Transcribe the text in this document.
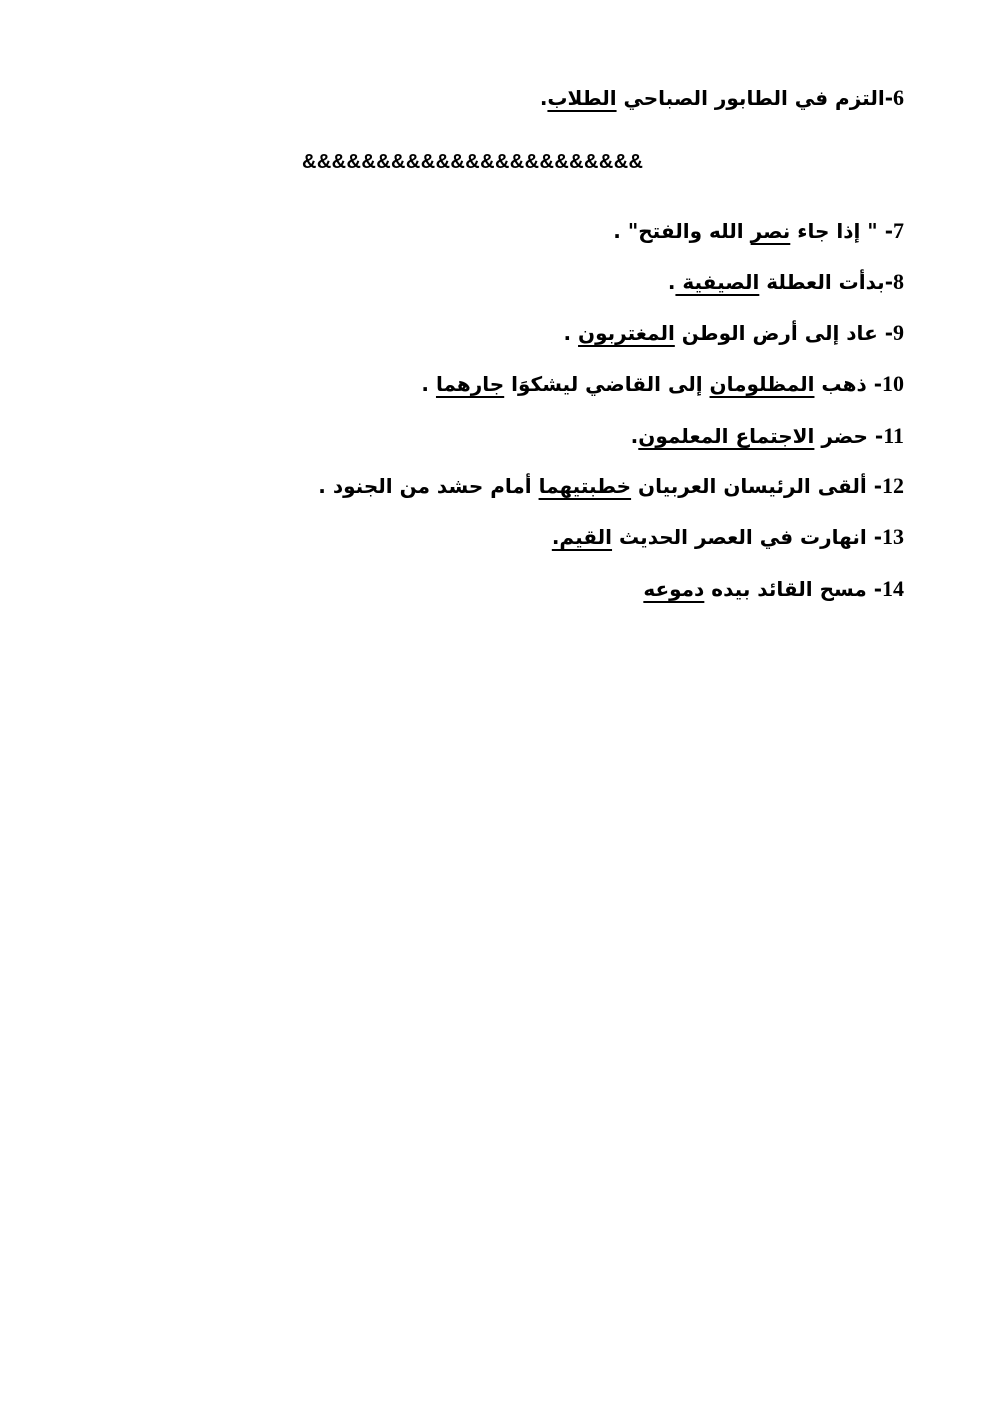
6-التزم في الطابور الصباحي الطلاب.
&&&&&&&&&&&&&&&&&&&&&&&
7- " إذا جاء نصر الله والفتح" .
8-بدأت العطلة الصيفية .
9- عاد إلى أرض الوطن المغتربون .
10- ذهب المظلومان إلى القاضي ليشكوَا جارهما .
11- حضر الاجتماع المعلمون.
12- ألقى الرئيسان العربيان خطبتيهما أمام حشد من الجنود .
13- انهارت في العصر الحديث القيم.
14- مسح القائد بيده دموعه
